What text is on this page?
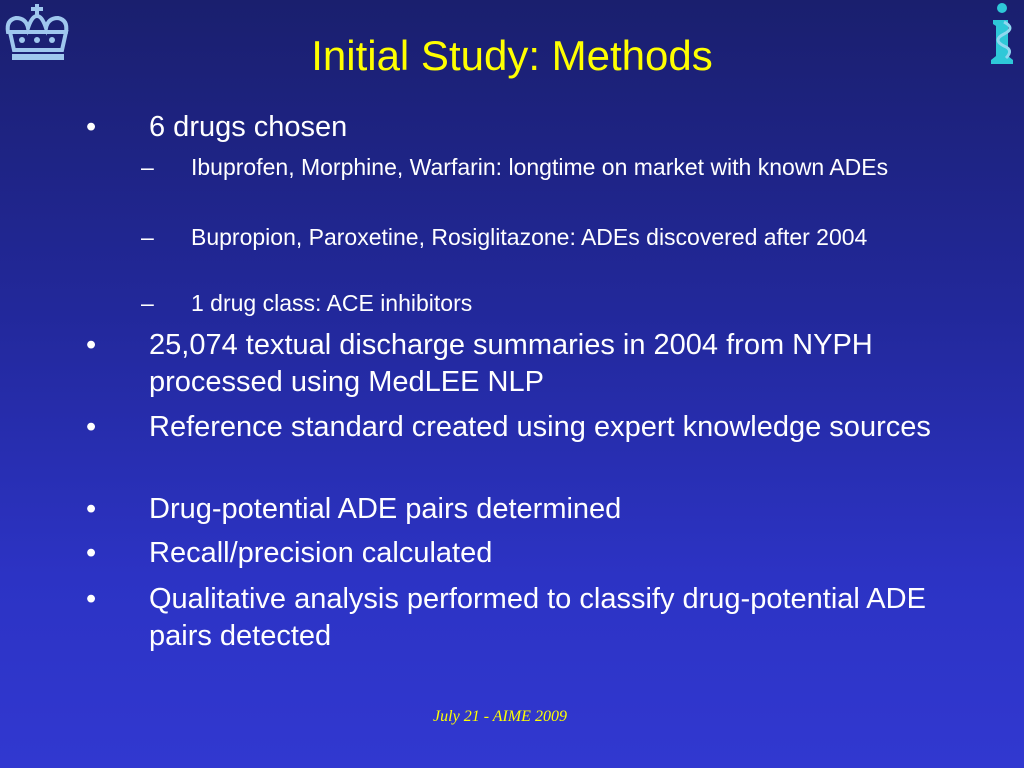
Initial Study: Methods
• 6 drugs chosen
– Ibuprofen, Morphine, Warfarin: longtime on market with known ADEs
– Bupropion, Paroxetine, Rosiglitazone: ADEs discovered after 2004
– 1 drug class: ACE inhibitors
• 25,074 textual discharge summaries in 2004 from NYPH processed using MedLEE NLP
• Reference standard created using expert knowledge sources
• Drug-potential ADE pairs determined
• Recall/precision calculated
• Qualitative analysis performed to classify drug-potential ADE pairs detected
July 21 - AIME 2009
